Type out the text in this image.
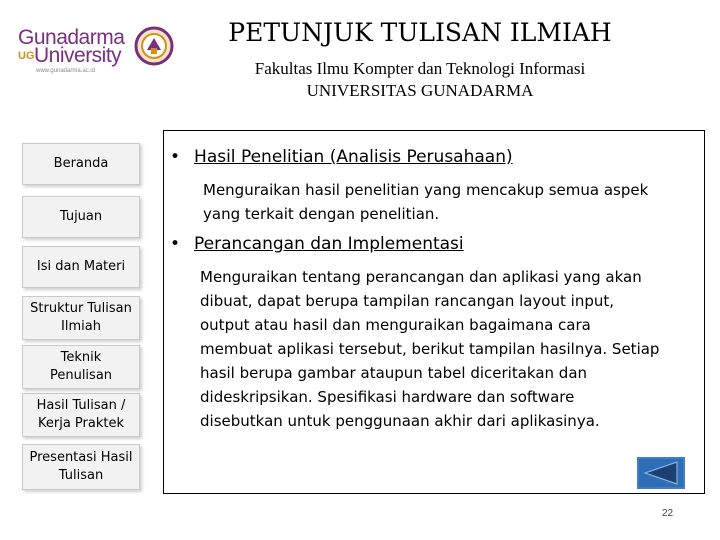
Gunadarma
UG University
www.gunadarma.ac.id
PETUNJUK TULISAN ILMIAH
Fakultas Ilmu Kompter dan Teknologi Informasi
UNIVERSITAS GUNADARMA
Beranda
Tujuan
Isi dan Materi
Struktur Tulisan
Ilmiah
Teknik
Penulisan
Hasil Tulisan /
Kerja Praktek
Presentasi Hasil
Tulisan
• Hasil Penelitian (Analisis Perusahaan)
Menguraikan hasil penelitian yang mencakup semua aspek
yang terkait dengan penelitian.
• Perancangan dan Implementasi
Menguraikan tentang perancangan dan aplikasi yang akan
dibuat, dapat berupa tampilan rancangan layout input,
output atau hasil dan menguraikan bagaimana cara
membuat aplikasi tersebut, berikut tampilan hasilnya. Setiap
hasil berupa gambar ataupun tabel diceritakan dan
dideskripsikan. Spesifikasi hardware dan software
disebutkan untuk penggunaan akhir dari aplikasinya.
22
